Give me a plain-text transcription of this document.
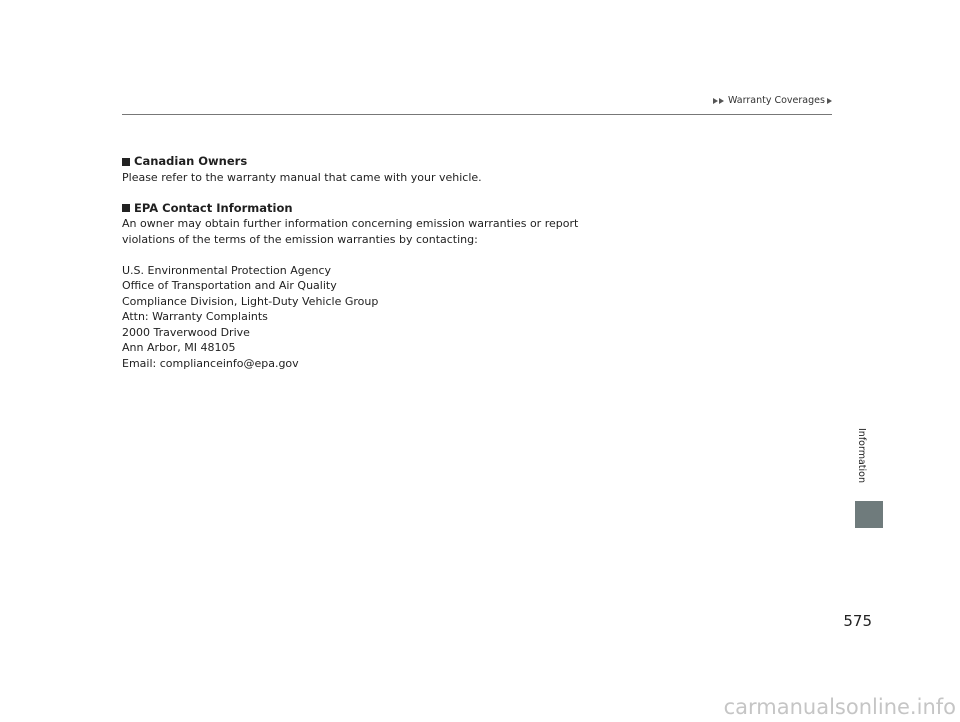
Warranty Coverages
Canadian Owners

Please refer to the warranty manual that came with your vehicle.

EPA Contact Information

An owner may obtain further information concerning emission warranties or report

violations of the terms of the emission warranties by contacting:

U.S. Environmental Protection Agency

Office of Transportation and Air Quality

Compliance Division, Light-Duty Vehicle Group

Attn: Warranty Complaints

2000 Traverwood Drive

Ann Arbor, MI 48105

Email: complianceinfo@epa.gov

Information
575
carmanualsonline.info
